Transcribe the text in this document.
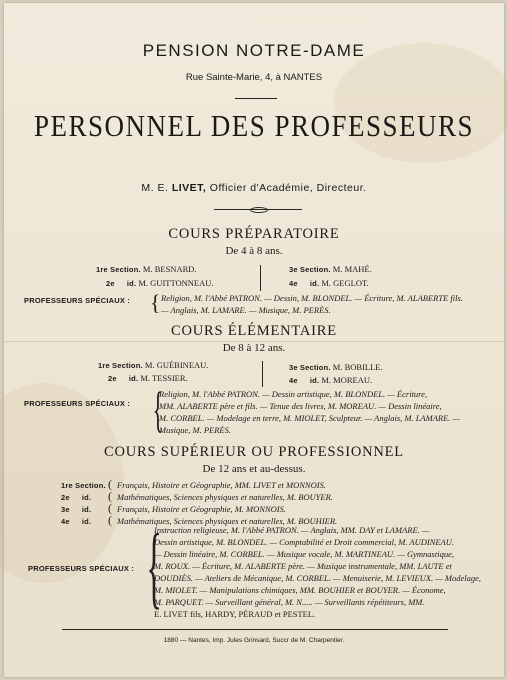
PENSION NOTRE-DAME
Rue Sainte-Marie, 4, à NANTES
PERSONNEL DES PROFESSEURS
M. E. LIVET, Officier d'Académie, Directeur.
COURS PRÉPARATOIRE
De 4 à 8 ans.
1re Section. M. BESNARD.
2e id. M. GUITTONNEAU.
3e Section. M. MAHÉ.
4e id. M. GEGLOT.
PROFESSEURS SPÉCIAUX : { Religion, M. l'Abbé PATRON. — Dessin, M. BLONDEL. — Écriture, M. ALABERTE fils.
— Anglais, M. LAMARE. — Musique, M. PERÈS.
COURS ÉLÉMENTAIRE
De 8 à 12 ans.
1re Section. M. GUÉBINEAU.
2e id. M. TESSIER.
3e Section. M. BOBILLE.
4e id. M. MOREAU.
PROFESSEURS SPÉCIAUX : {
Religion, M. l'Abbé PATRON. — Dessin artistique, M. BLONDEL. — Écriture,
MM. ALABERTE père et fils. — Tenue des livres, M. MOREAU. — Dessin linéaire,
M. CORBEL. — Modelage en terre, M. MIOLET, Sculpteur. — Anglais, M. LAMARE. —
Musique, M. PERÈS.
COURS SUPÉRIEUR OU PROFESSIONNEL
De 12 ans et au-dessus.
1re Section.
2e id.
3e id.
4e id.
(
(
(
(
Français, Histoire et Géographie, MM. LIVET et MONNOIS.
Mathématiques, Sciences physiques et naturelles, M. BOUYER.
Français, Histoire et Géographie, M. MONNOIS.
Mathématiques, Sciences physiques et naturelles, M. BOUHIER.
PROFESSEURS SPÉCIAUX : {
Instruction religieuse, M. l'Abbé PATRON. — Anglais, MM. DAY et LAMARE. —
Dessin artistique, M. BLONDEL. — Comptabilité et Droit commercial, M. AUDINEAU.
— Dessin linéaire, M. CORBEL. — Musique vocale, M. MARTINEAU. — Gymnastique,
M. ROUX. — Écriture, M. ALABERTE père. — Musique instrumentale, MM. LAUTE et
DOUDIÈS. — Ateliers de Mécanique, M. CORBEL. — Menuiserie, M. LEVIEUX. — Modelage,
M. MIOLET. — Manipulations chimiques, MM. BOUHIER et BOUYER. — Économe,
M. PARQUET. — Surveillant général, M. N..... — Surveillants répétiteurs, MM.
E. LIVET fils, HARDY, PÉRAUD et PESTEL.
1880 — Nantes, Imp. Jules Grinsard, Succr de M. Charpentier.
